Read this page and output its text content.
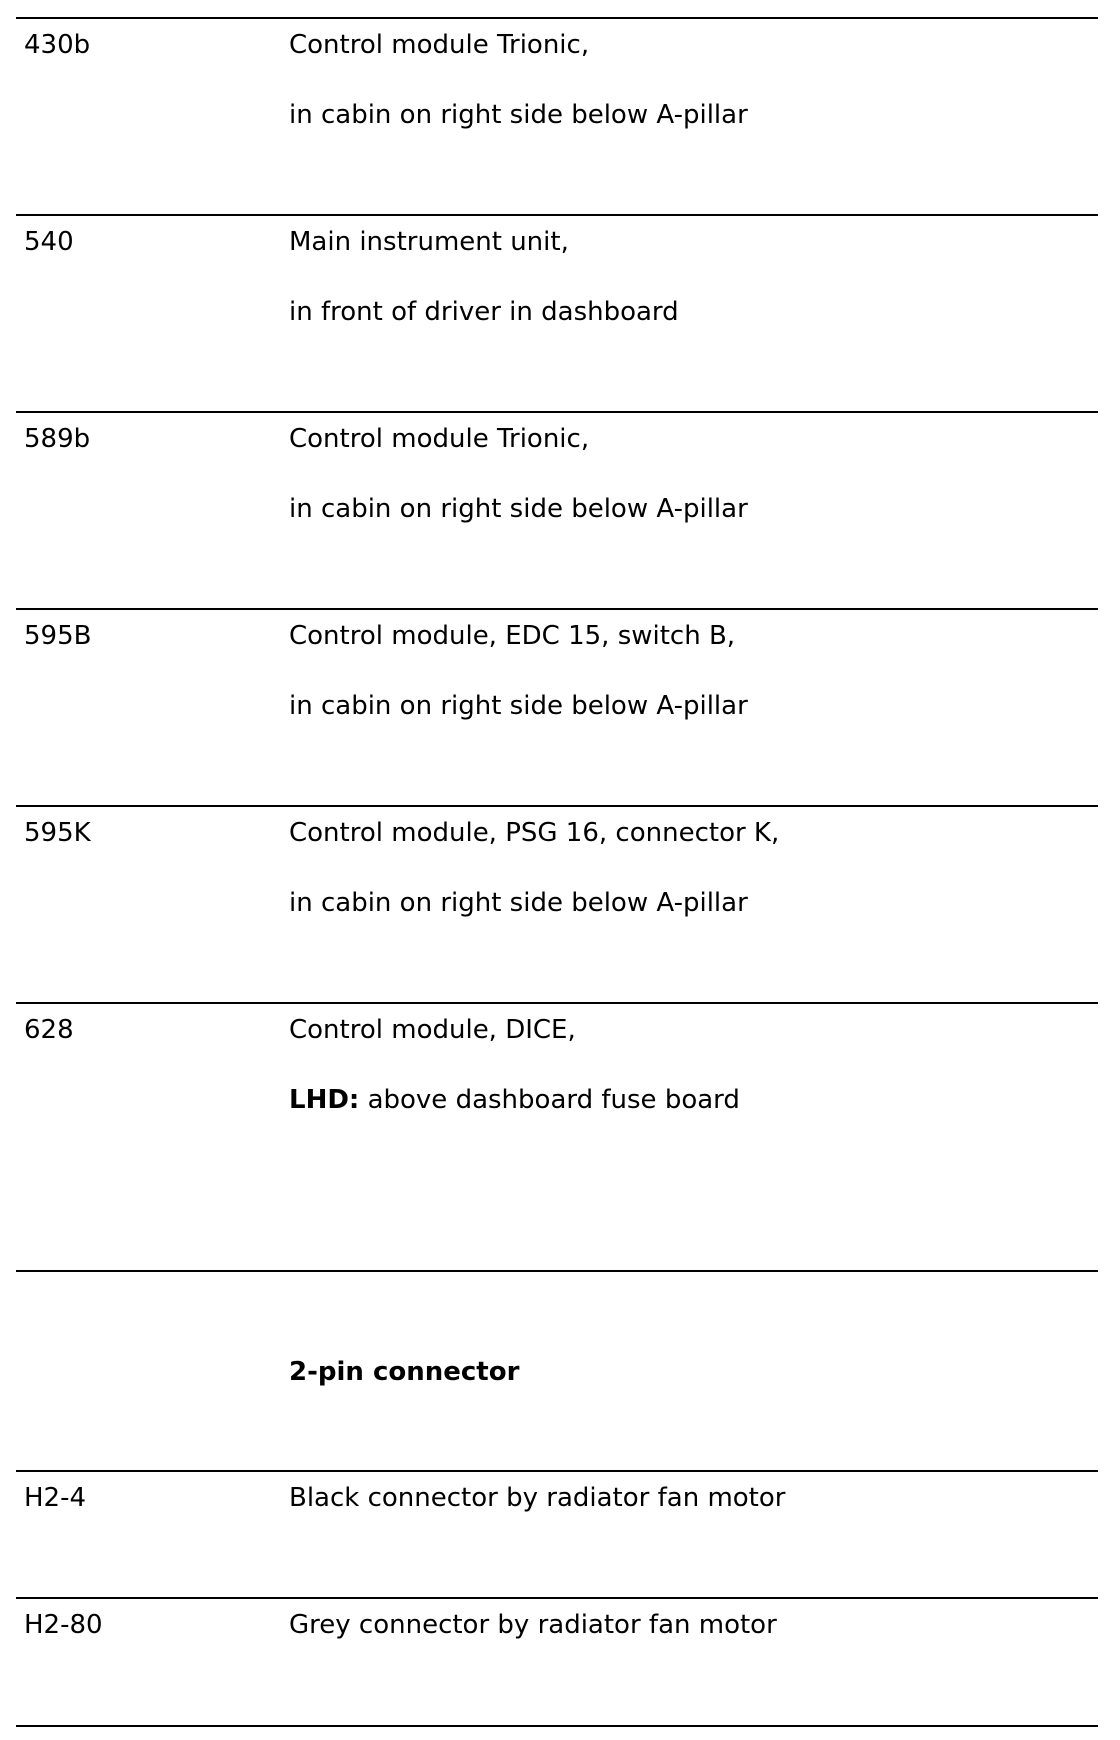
430b	Control module Trionic,
in cabin on right side below A-pillar
540	Main instrument unit,
in front of driver in dashboard
589b	Control module Trionic,
in cabin on right side below A-pillar
595B	Control module, EDC 15, switch B,
in cabin on right side below A-pillar
595K	Control module, PSG 16, connector K,
in cabin on right side below A-pillar
628	Control module, DICE,
LHD: above dashboard fuse board
2-pin connector
H2-4	Black connector by radiator fan motor
H2-80	Grey connector by radiator fan motor
